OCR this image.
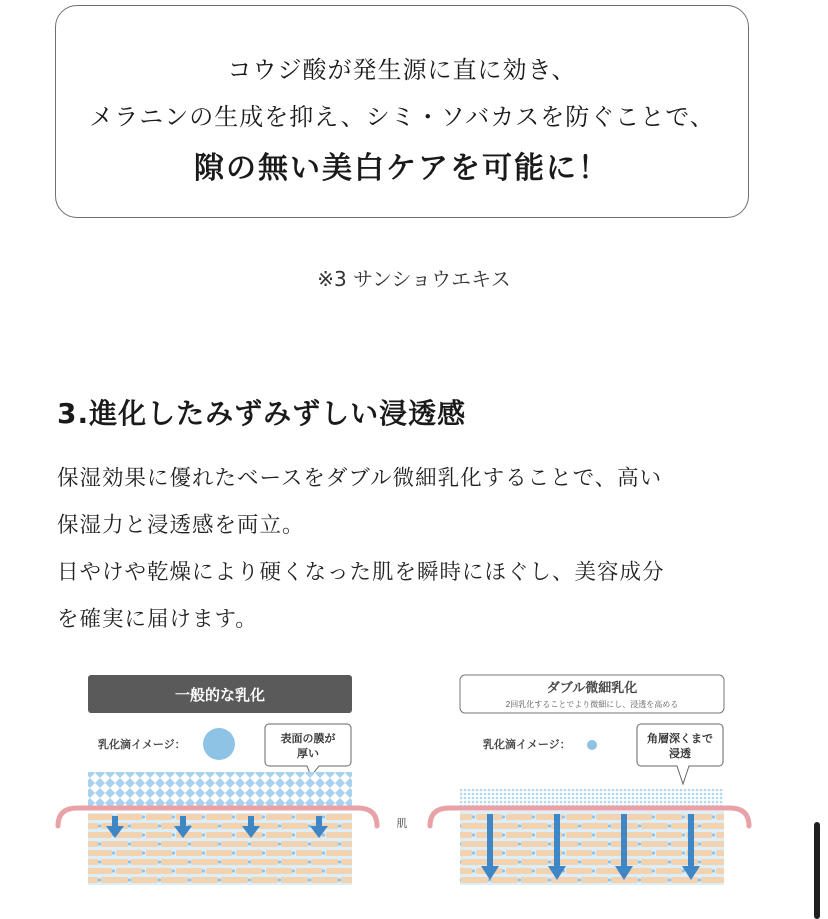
コウジ酸が発生源に直に効き、
メラニンの生成を抑え、シミ・ソバカスを防ぐことで、
隙の無い美白ケアを可能に！
※3 サンショウエキス
3.進化したみずみずしい浸透感

保湿効果に優れたベースをダブル微細乳化することで、高い

保湿力と浸透感を両立。

日やけや乾燥により硬くなった肌を瞬時にほぐし、美容成分

を確実に届けます。

一般的な乳化
乳化滴イメージ：	表面の膜が
厚い
肌
ダブル微細乳化
2回乳化することでより微細にし、浸透を高める
乳化滴イメージ：	角層深くまで
浸透
